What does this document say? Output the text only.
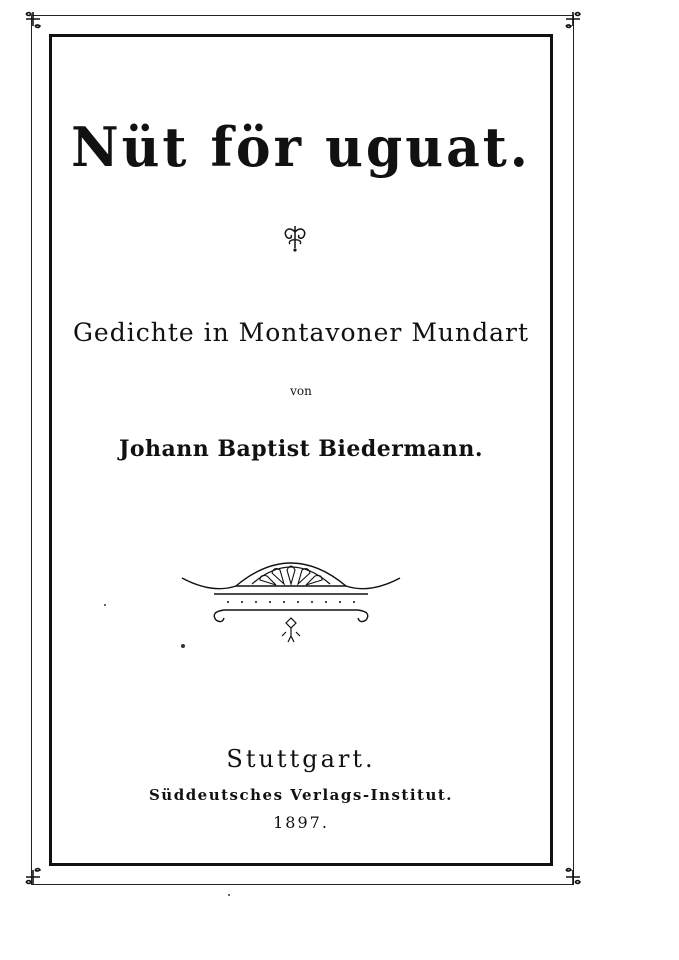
Nüt för uguat.
Gedichte in Montavoner Mundart
von
Johann Baptist Biedermann.
Stuttgart.
Süddeutsches Verlags-Institut.
1897.
